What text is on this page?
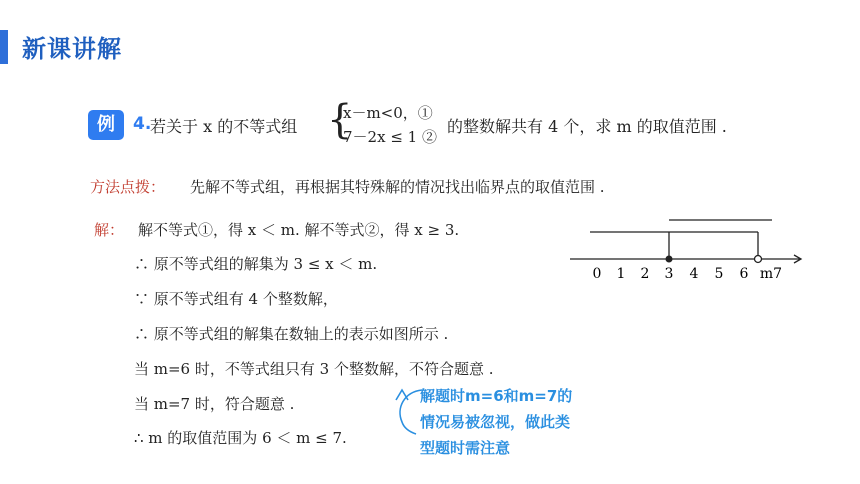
新课讲解
例	4.
若关于 x 的不等式组 {
x－m<0，①
7－2x ≤ 1 ②
的整数解共有 4 个，求 m 的取值范围 .
方法点拨： 先解不等式组，再根据其特殊解的情况找出临界点的取值范围 .
解： 解不等式①，得 x ＜ m. 解不等式②，得 x ≥ 3.
∴ 原不等式组的解集为 3 ≤ x ＜ m.
∵ 原不等式组有 4 个整数解，
∴ 原不等式组的解集在数轴上的表示如图所示 .
当 m=6 时，不等式组只有 3 个整数解，不符合题意 .
当 m=7 时，符合题意 .
∴ m 的取值范围为 6 ＜ m ≤ 7.
解题时m=6和m=7的
情况易被忽视，做此类
型题时需注意
0 1 2 3 4 5 6 m7
